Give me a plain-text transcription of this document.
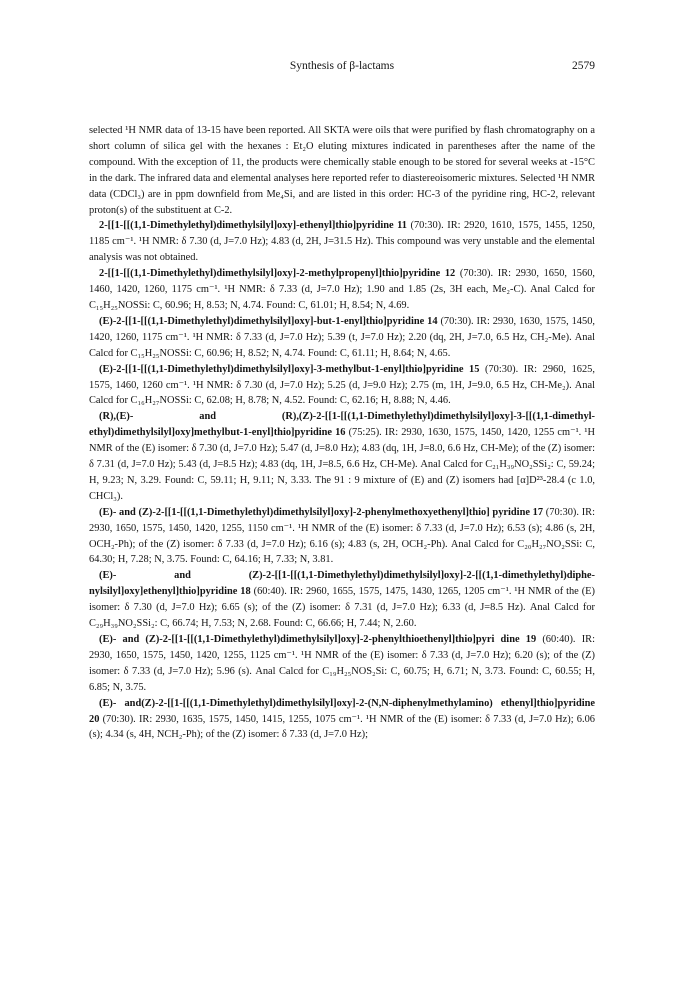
Synthesis of β-lactams	2579

selected ¹H NMR data of 13-15 have been reported. All SKTA were oils that were purified by flash chromatography on a short column of silica gel with the hexanes : Et₂O eluting mixtures indicated in parentheses after the name of the compound. With the exception of 11, the products were chemically stable enough to be stored for several weeks at -15°C in the dark. The infrared data and elemental analyses here reported refer to diastereoisomeric mixtures. Selected ¹H NMR data (CDCl₃) are in ppm downfield from Me₄Si, and are listed in this order: HC-3 of the pyridine ring, HC-2, relevant proton(s) of the substituent at C-2.

2-[[1-[[(1,1-Dimethylethyl)dimethylsilyl]oxy]-ethenyl]thio]pyridine 11 (70:30). IR: 2920, 1610, 1575, 1455, 1250, 1185 cm⁻¹. ¹H NMR: δ 7.30 (d, J=7.0 Hz); 4.83 (d, 2H, J=31.5 Hz). This compound was very unstable and the elemental analysis was not obtained.

2-[[1-[[(1,1-Dimethylethyl)dimethylsilyl]oxy]-2-methylpropenyl]thio]pyridine 12 (70:30). IR: 2930, 1650, 1560, 1460, 1420, 1260, 1175 cm⁻¹. ¹H NMR: δ 7.33 (d, J=7.0 Hz); 1.90 and 1.85 (2s, 3H each, Me₂-C). Anal Calcd for C₁₅H₂₅NOSSi: C, 60.96; H, 8.53; N, 4.74. Found: C, 61.01; H, 8.54; N, 4.69.

(E)-2-[[1-[[(1,1-Dimethylethyl)dimethylsilyl]oxy]-but-1-enyl]thio]pyridine 14 (70:30). IR: 2930, 1630, 1575, 1450, 1420, 1260, 1175 cm⁻¹. ¹H NMR: δ 7.33 (d, J=7.0 Hz); 5.39 (t, J=7.0 Hz); 2.20 (dq, 2H, J=7.0, 6.5 Hz, CH₂-Me). Anal Calcd for C₁₅H₂₅NOSSi: C, 60.96; H, 8.52; N, 4.74. Found: C, 61.11; H, 8.64; N, 4.65.

(E)-2-[[1-[[(1,1-Dimethylethyl)dimethylsilyl]oxy]-3-methylbut-1-enyl]thio]pyridine 15 (70:30). IR: 2960, 1625, 1575, 1460, 1260 cm⁻¹. ¹H NMR: δ 7.30 (d, J=7.0 Hz); 5.25 (d, J=9.0 Hz); 2.75 (m, 1H, J=9.0, 6.5 Hz, CH-Me₂). Anal Calcd for C₁₆H₂₇NOSSi: C, 62.08; H, 8.78; N, 4.52. Found: C, 62.16; H, 8.88; N, 4.46.

(R),(E)- and (R),(Z)-2-[[1-[[(1,1-Dimethylethyl)dimethylsilyl]oxy]-3-[[(1,1-dimethylethyl)dimethylsilyl]oxy]methylbut-1-enyl]thio]pyridine 16 (75:25). IR: 2930, 1630, 1575, 1450, 1420, 1255 cm⁻¹. ¹H NMR of the (E) isomer: δ 7.30 (d, J=7.0 Hz); 5.47 (d, J=8.0 Hz); 4.83 (dq, 1H, J=8.0, 6.6 Hz, CH-Me); of the (Z) isomer: δ 7.31 (d, J=7.0 Hz); 5.43 (d, J=8.5 Hz); 4.83 (dq, 1H, J=8.5, 6.6 Hz, CH-Me). Anal Calcd for C₂₁H₃₉NO₂SSi₂: C, 59.24; H, 9.23; N, 3.29. Found: C, 59.11; H, 9.11; N, 3.33. The 91 : 9 mixture of (E) and (Z) isomers had [α]D²³-28.4 (c 1.0, CHCl₃).

(E)- and (Z)-2-[[1-[[(1,1-Dimethylethyl)dimethylsilyl]oxy]-2-phenylmethoxyethenyl]thio] pyridine 17 (70:30). IR: 2930, 1650, 1575, 1450, 1420, 1255, 1150 cm⁻¹. ¹H NMR of the (E) isomer: δ 7.33 (d, J=7.0 Hz); 6.53 (s); 4.86 (s, 2H, OCH₂-Ph); of the (Z) isomer: δ 7.33 (d, J=7.0 Hz); 6.16 (s); 4.83 (s, 2H, OCH₂-Ph). Anal Calcd for C₂₀H₂₇NO₂SSi: C, 64.30; H, 7.28; N, 3.75. Found: C, 64.16; H, 7.33; N, 3.81.

(E)- and (Z)-2-[[1-[[(1,1-Dimethylethyl)dimethylsilyl]oxy]-2-[[(1,1-dimethylethyl)diphenylsilyl]oxy]ethenyl]thio]pyridine 18 (60:40). IR: 2960, 1655, 1575, 1475, 1430, 1265, 1205 cm⁻¹. ¹H NMR of the (E) isomer: δ 7.30 (d, J=7.0 Hz); 6.65 (s); of the (Z) isomer: δ 7.31 (d, J=7.0 Hz); 6.33 (d, J=8.5 Hz). Anal Calcd for C₂₉H₃₉NO₂SSi₂: C, 66.74; H, 7.53; N, 2.68. Found: C, 66.66; H, 7.44; N, 2.60.

(E)- and (Z)-2-[[1-[[(1,1-Dimethylethyl)dimethylsilyl]oxy]-2-phenylthioethenyl]thio]pyri dine 19 (60:40). IR: 2930, 1650, 1575, 1450, 1420, 1255, 1125 cm⁻¹. ¹H NMR of the (E) isomer: δ 7.33 (d, J=7.0 Hz); 6.20 (s); of the (Z) isomer: δ 7.33 (d, J=7.0 Hz); 5.96 (s). Anal Calcd for C₁₉H₂₅NOS₂Si: C, 60.75; H, 6.71; N, 3.73. Found: C, 60.55; H, 6.85; N, 3.75.

(E)- and(Z)-2-[[1-[[(1,1-Dimethylethyl)dimethylsilyl]oxy]-2-(N,N-diphenylmethylamino) ethenyl]thio]pyridine 20 (70:30). IR: 2930, 1635, 1575, 1450, 1415, 1255, 1075 cm⁻¹. ¹H NMR of the (E) isomer: δ 7.33 (d, J=7.0 Hz); 6.06 (s); 4.34 (s, 4H, NCH₂-Ph); of the (Z) isomer: δ 7.33 (d, J=7.0 Hz);
